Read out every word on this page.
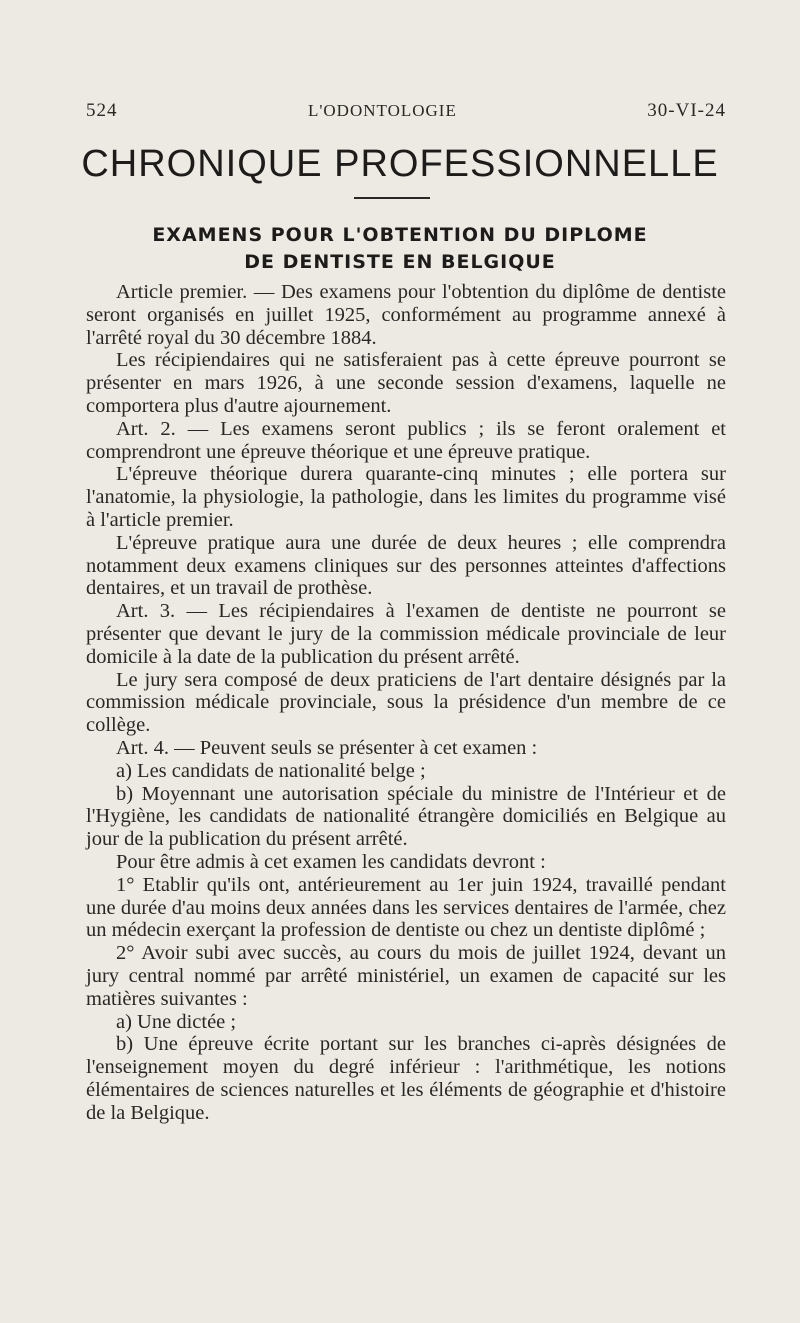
524	L'ODONTOLOGIE	30-VI-24
CHRONIQUE PROFESSIONNELLE
EXAMENS POUR L'OBTENTION DU DIPLOME
DE DENTISTE EN BELGIQUE

Article premier. — Des examens pour l'obtention du diplôme de dentiste seront organisés en juillet 1925, conformément au programme annexé à l'arrêté royal du 30 décembre 1884.

Les récipiendaires qui ne satisferaient pas à cette épreuve pourront se présenter en mars 1926, à une seconde session d'examens, laquelle ne comportera plus d'autre ajournement.

Art. 2. — Les examens seront publics ; ils se feront oralement et comprendront une épreuve théorique et une épreuve pratique.

L'épreuve théorique durera quarante-cinq minutes ; elle portera sur l'anatomie, la physiologie, la pathologie, dans les limites du programme visé à l'article premier.

L'épreuve pratique aura une durée de deux heures ; elle comprendra notamment deux examens cliniques sur des personnes atteintes d'affections dentaires, et un travail de prothèse.

Art. 3. — Les récipiendaires à l'examen de dentiste ne pourront se présenter que devant le jury de la commission médicale provinciale de leur domicile à la date de la publication du présent arrêté.

Le jury sera composé de deux praticiens de l'art dentaire désignés par la commission médicale provinciale, sous la présidence d'un membre de ce collège.

Art. 4. — Peuvent seuls se présenter à cet examen :

a) Les candidats de nationalité belge ;

b) Moyennant une autorisation spéciale du ministre de l'Intérieur et de l'Hygiène, les candidats de nationalité étrangère domiciliés en Belgique au jour de la publication du présent arrêté.

Pour être admis à cet examen les candidats devront :

1° Etablir qu'ils ont, antérieurement au 1er juin 1924, travaillé pendant une durée d'au moins deux années dans les services dentaires de l'armée, chez un médecin exerçant la profession de dentiste ou chez un dentiste diplômé ;

2° Avoir subi avec succès, au cours du mois de juillet 1924, devant un jury central nommé par arrêté ministériel, un examen de capacité sur les matières suivantes :

a) Une dictée ;

b) Une épreuve écrite portant sur les branches ci-après désignées de l'enseignement moyen du degré inférieur : l'arithmétique, les notions élémentaires de sciences naturelles et les éléments de géographie et d'histoire de la Belgique.
